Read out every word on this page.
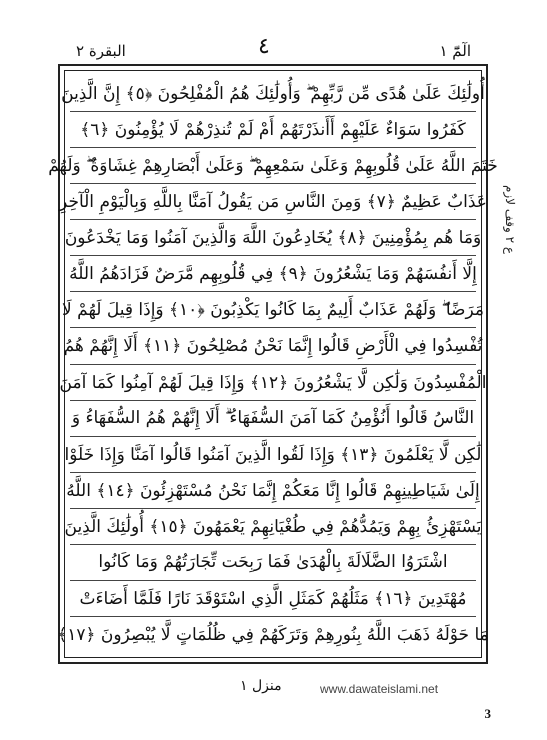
البقرة ٢	٤	الٓمّٓ ١
أُولَٰئِكَ عَلَىٰ هُدًى مِّن رَّبِّهِمْ ۖ وَأُولَٰئِكَ هُمُ الْمُفْلِحُونَ ﴿٥﴾ إِنَّ الَّذِينَ
كَفَرُوا سَوَاءٌ عَلَيْهِمْ أَأَنذَرْتَهُمْ أَمْ لَمْ تُنذِرْهُمْ لَا يُؤْمِنُونَ ﴿٦﴾
خَتَمَ اللَّهُ عَلَىٰ قُلُوبِهِمْ وَعَلَىٰ سَمْعِهِمْ ۖ وَعَلَىٰ أَبْصَارِهِمْ غِشَاوَةٌ ۖ وَلَهُمْ
عَذَابٌ عَظِيمٌ ﴿٧﴾ وَمِنَ النَّاسِ مَن يَقُولُ آمَنَّا بِاللَّهِ وَبِالْيَوْمِ الْآخِرِ
وَمَا هُم بِمُؤْمِنِينَ ﴿٨﴾ يُخَادِعُونَ اللَّهَ وَالَّذِينَ آمَنُوا وَمَا يَخْدَعُونَ
إِلَّا أَنفُسَهُمْ وَمَا يَشْعُرُونَ ﴿٩﴾ فِي قُلُوبِهِم مَّرَضٌ فَزَادَهُمُ اللَّهُ
مَرَضًا ۖ وَلَهُمْ عَذَابٌ أَلِيمٌ بِمَا كَانُوا يَكْذِبُونَ ﴿١٠﴾ وَإِذَا قِيلَ لَهُمْ لَا
تُفْسِدُوا فِي الْأَرْضِ قَالُوا إِنَّمَا نَحْنُ مُصْلِحُونَ ﴿١١﴾ أَلَا إِنَّهُمْ هُمُ
الْمُفْسِدُونَ وَلَٰكِن لَّا يَشْعُرُونَ ﴿١٢﴾ وَإِذَا قِيلَ لَهُمْ آمِنُوا كَمَا آمَنَ
النَّاسُ قَالُوا أَنُؤْمِنُ كَمَا آمَنَ السُّفَهَاءُ ۗ أَلَا إِنَّهُمْ هُمُ السُّفَهَاءُ وَ
لَٰكِن لَّا يَعْلَمُونَ ﴿١٣﴾ وَإِذَا لَقُوا الَّذِينَ آمَنُوا قَالُوا آمَنَّا وَإِذَا خَلَوْا
إِلَىٰ شَيَاطِينِهِمْ قَالُوا إِنَّا مَعَكُمْ إِنَّمَا نَحْنُ مُسْتَهْزِئُونَ ﴿١٤﴾ اللَّهُ
يَسْتَهْزِئُ بِهِمْ وَيَمُدُّهُمْ فِي طُغْيَانِهِمْ يَعْمَهُونَ ﴿١٥﴾ أُولَٰئِكَ الَّذِينَ
اشْتَرَوُا الضَّلَالَةَ بِالْهُدَىٰ فَمَا رَبِحَت تِّجَارَتُهُمْ وَمَا كَانُوا
مُهْتَدِينَ ﴿١٦﴾ مَثَلُهُمْ كَمَثَلِ الَّذِي اسْتَوْقَدَ نَارًا فَلَمَّا أَضَاءَتْ
مَا حَوْلَهُ ذَهَبَ اللَّهُ بِنُورِهِمْ وَتَرَكَهُمْ فِي ظُلُمَاتٍ لَّا يُبْصِرُونَ ﴿١٧﴾
ع ٢ وقف لازم
منزل ١	www.dawateislami.net
3
